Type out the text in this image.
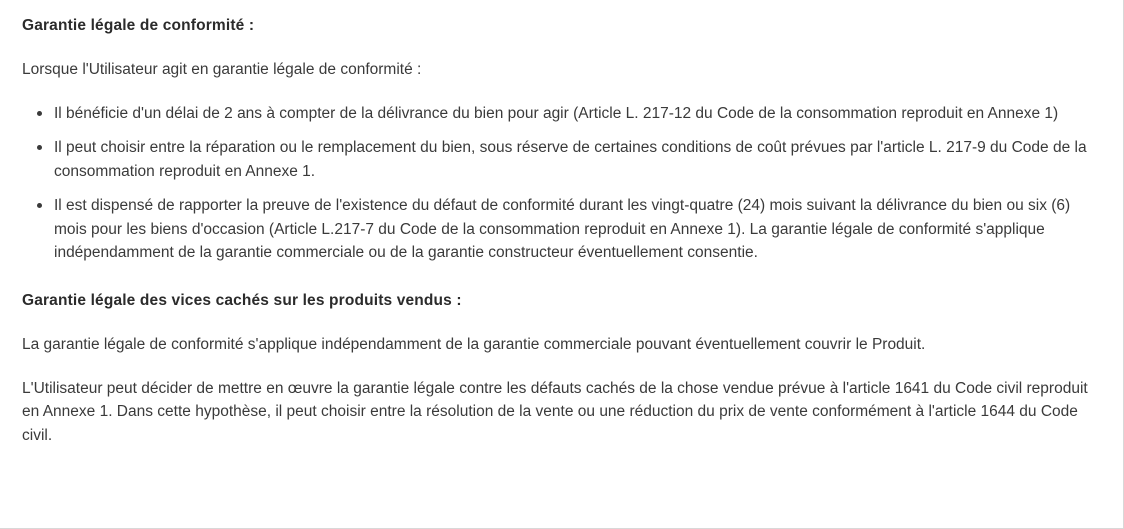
Garantie légale de conformité :

Lorsque l'Utilisateur agit en garantie légale de conformité :

Il bénéficie d'un délai de 2 ans à compter de la délivrance du bien pour agir (Article L. 217-12 du Code de la consommation reproduit en Annexe 1)
Il peut choisir entre la réparation ou le remplacement du bien, sous réserve de certaines conditions de coût prévues par l'article L. 217-9 du Code de la consommation reproduit en Annexe 1.
Il est dispensé de rapporter la preuve de l'existence du défaut de conformité durant les vingt-quatre (24) mois suivant la délivrance du bien ou six (6) mois pour les biens d'occasion (Article L.217-7 du Code de la consommation reproduit en Annexe 1). La garantie légale de conformité s'applique indépendamment de la garantie commerciale ou de la garantie constructeur éventuellement consentie.
Garantie légale des vices cachés sur les produits vendus :

La garantie légale de conformité s'applique indépendamment de la garantie commerciale pouvant éventuellement couvrir le Produit.

L'Utilisateur peut décider de mettre en œuvre la garantie légale contre les défauts cachés de la chose vendue prévue à l'article 1641 du Code civil reproduit en Annexe 1. Dans cette hypothèse, il peut choisir entre la résolution de la vente ou une réduction du prix de vente conformément à l'article 1644 du Code civil.
